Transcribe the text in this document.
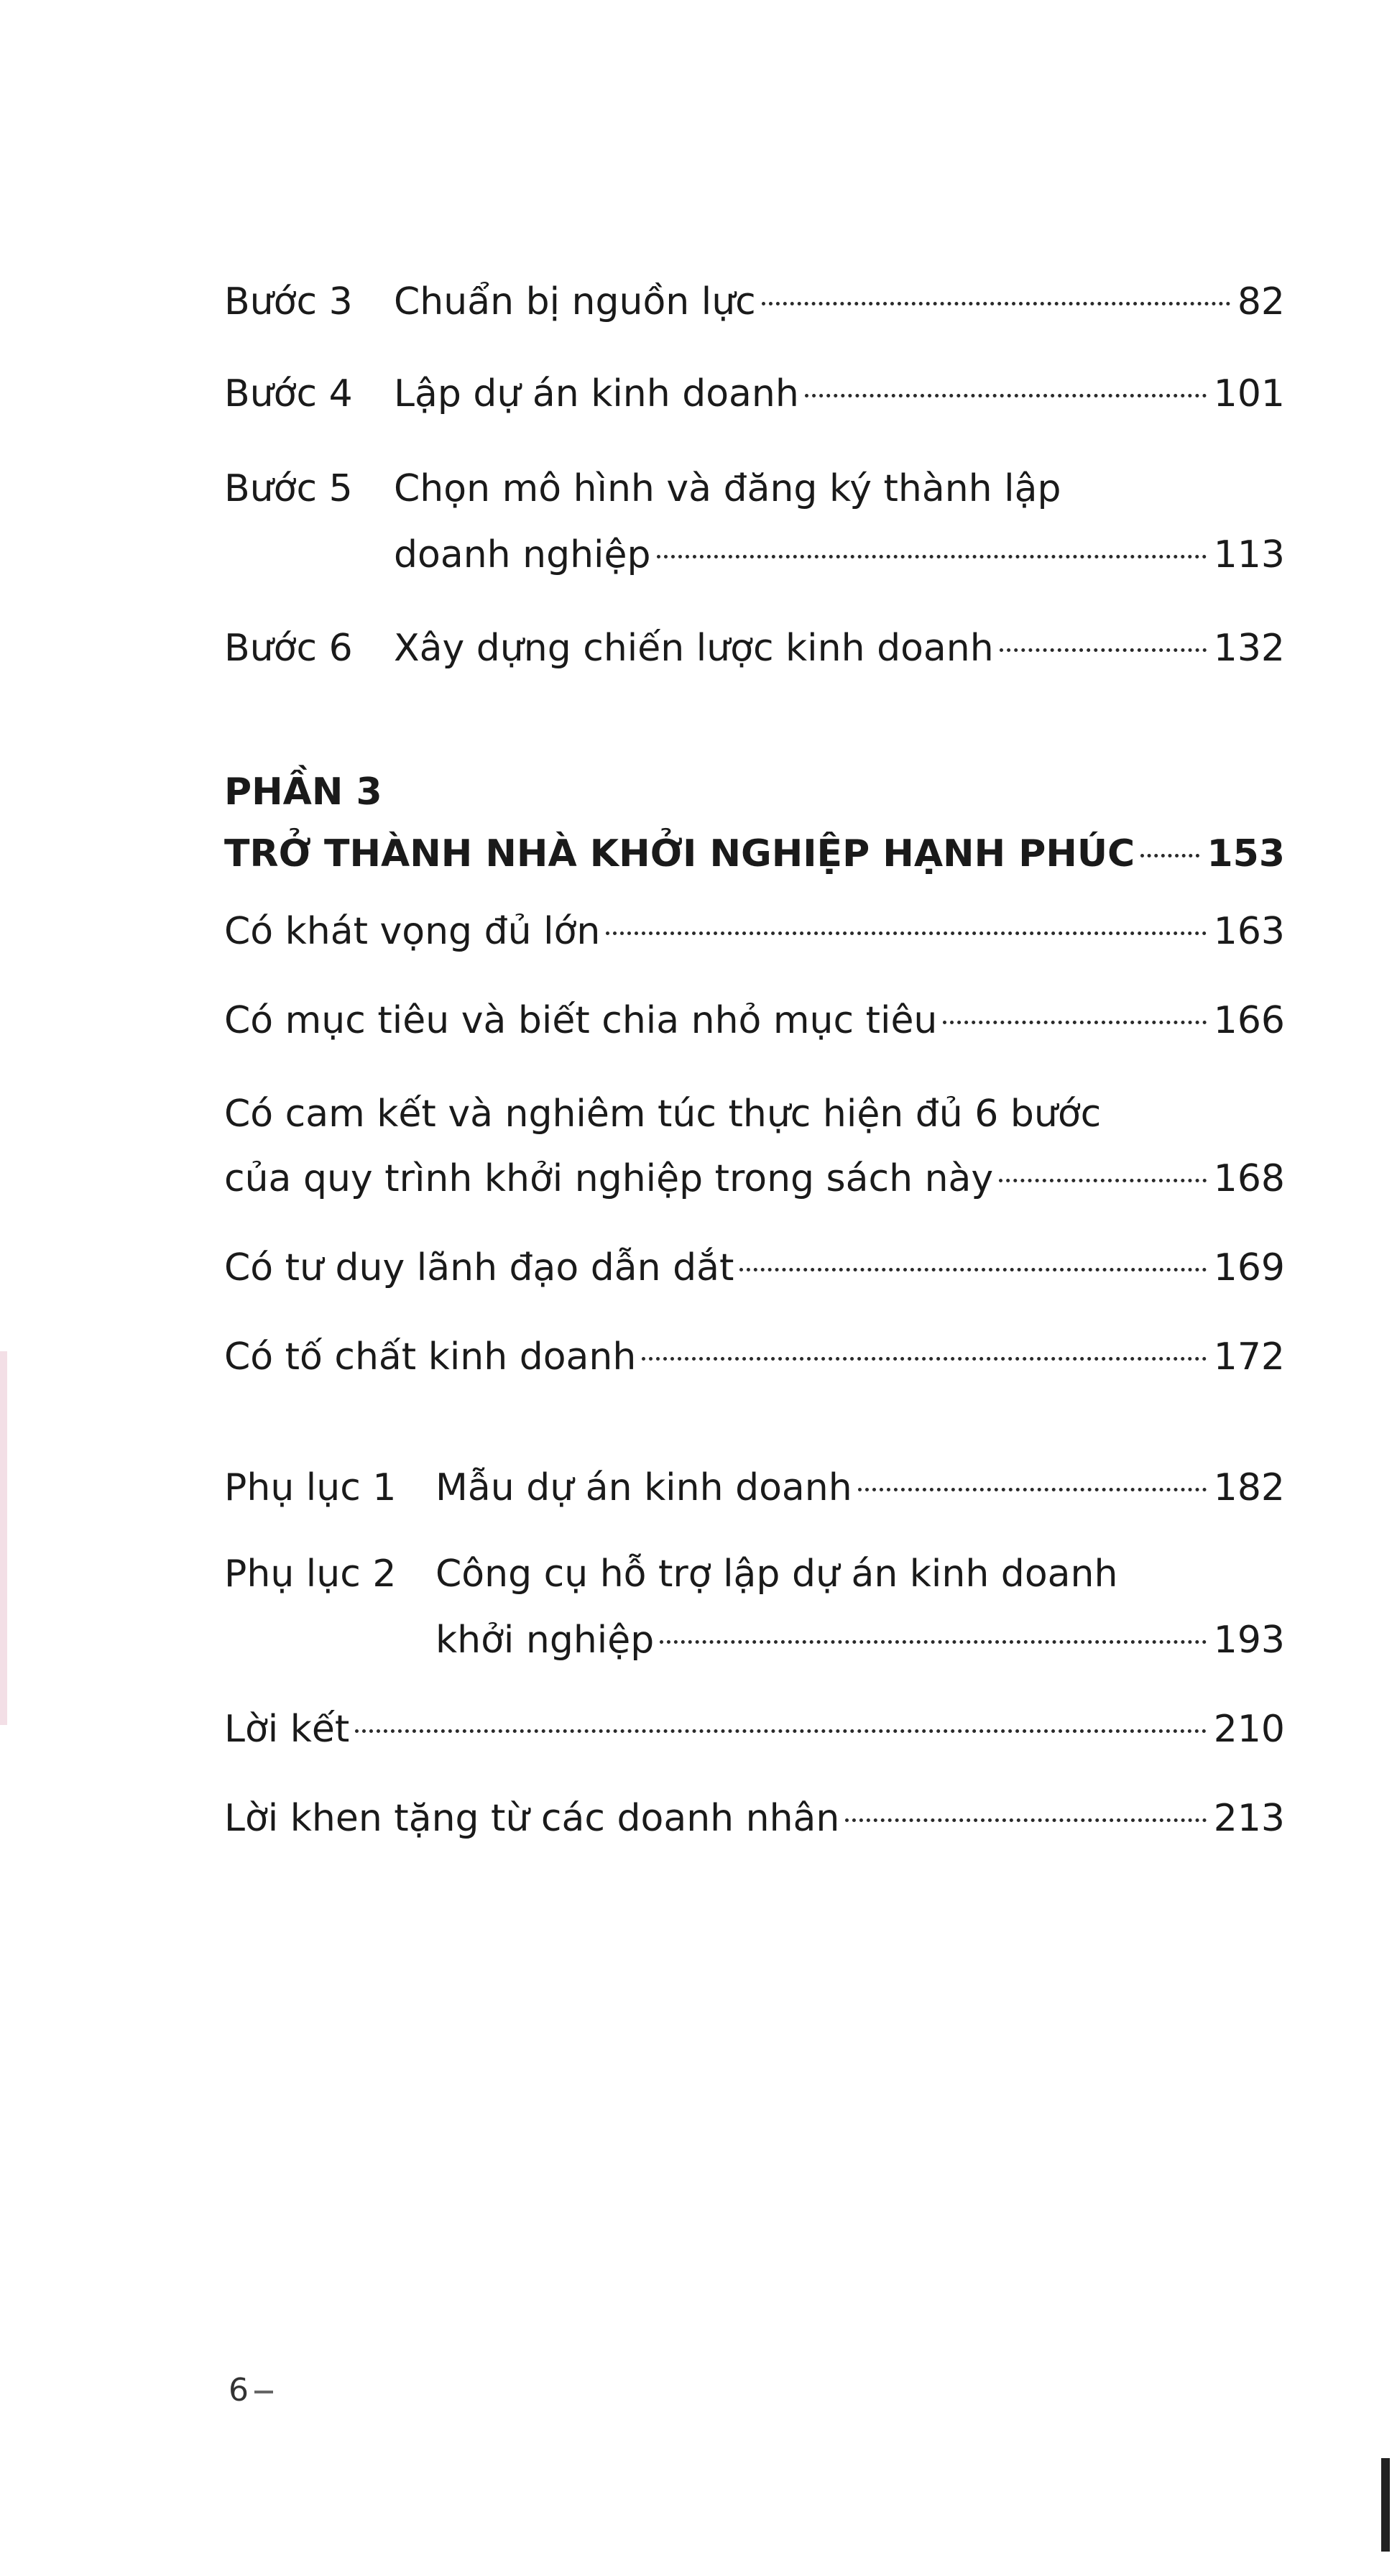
Bước 3 Chuẩn bị nguồn lực	82
Bước 4 Lập dự án kinh doanh	101
Bước 5 Chọn mô hình và đăng ký thành lập
doanh nghiệp	113
Bước 6 Xây dựng chiến lược kinh doanh	132
PHẦN 3
TRỞ THÀNH NHÀ KHỞI NGHIỆP HẠNH PHÚC 153
Có khát vọng đủ lớn	163
Có mục tiêu và biết chia nhỏ mục tiêu	166
Có cam kết và nghiêm túc thực hiện đủ 6 bước
của quy trình khởi nghiệp trong sách này	168
Có tư duy lãnh đạo dẫn dắt	169
Có tố chất kinh doanh	172
Phụ lục 1 Mẫu dự án kinh doanh	182
Phụ lục 2 Công cụ hỗ trợ lập dự án kinh doanh
khởi nghiệp	193
Lời kết	210
Lời khen tặng từ các doanh nhân	213
6
